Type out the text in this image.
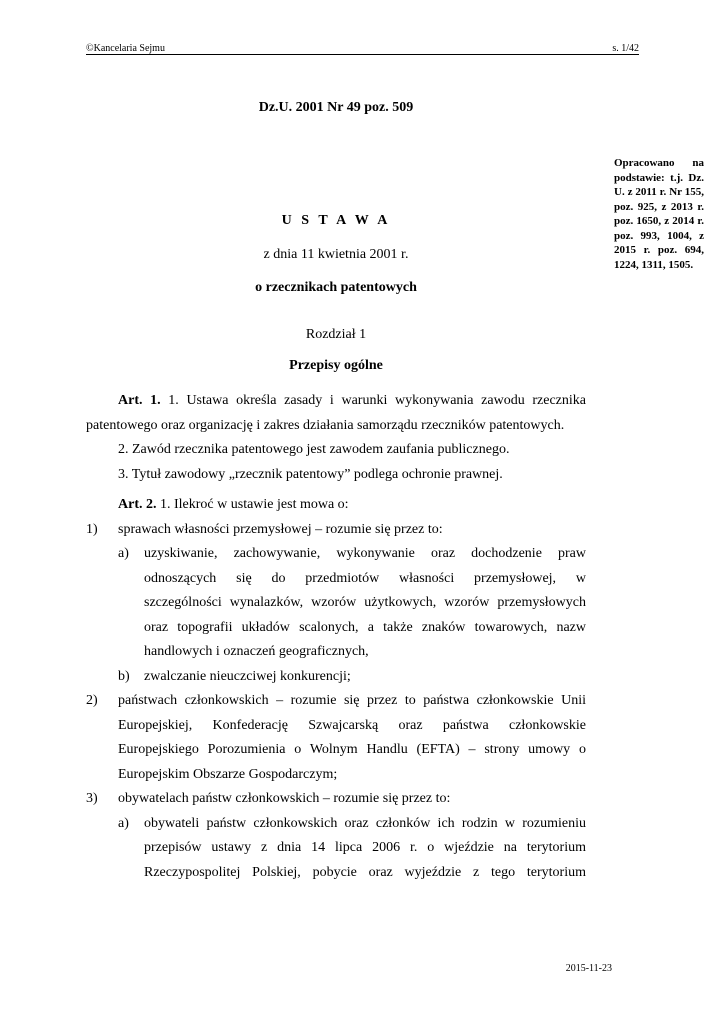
©Kancelaria Sejmu	s. 1/42
Dz.U. 2001 Nr 49 poz. 509
Opracowano na podstawie: t.j. Dz. U. z 2011 r. Nr 155, poz. 925, z 2013 r. poz. 1650, z 2014 r. poz. 993, 1004, z 2015 r. poz. 694, 1224, 1311, 1505.
U S T A W A
z dnia 11 kwietnia 2001 r.
o rzecznikach patentowych
Rozdział 1
Przepisy ogólne
Art. 1. 1. Ustawa określa zasady i warunki wykonywania zawodu rzecznika
patentowego oraz organizację i zakres działania samorządu rzeczników patentowych.
2. Zawód rzecznika patentowego jest zawodem zaufania publicznego.
3. Tytuł zawodowy „rzecznik patentowy” podlega ochronie prawnej.
Art. 2. 1. Ilekroć w ustawie jest mowa o:
1) sprawach własności przemysłowej – rozumie się przez to:
a) uzyskiwanie, zachowywanie, wykonywanie oraz dochodzenie praw
odnoszących się do przedmiotów własności przemysłowej, w
szczególności wynalazków, wzorów użytkowych, wzorów przemysłowych
oraz topografii układów scalonych, a także znaków towarowych, nazw
handlowych i oznaczeń geograficznych,
b) zwalczanie nieuczciwej konkurencji;
2) państwach członkowskich – rozumie się przez to państwa członkowskie Unii
Europejskiej, Konfederację Szwajcarską oraz państwa członkowskie
Europejskiego Porozumienia o Wolnym Handlu (EFTA) – strony umowy o
Europejskim Obszarze Gospodarczym;
3) obywatelach państw członkowskich – rozumie się przez to:
a) obywateli państw członkowskich oraz członków ich rodzin w rozumieniu
przepisów ustawy z dnia 14 lipca 2006 r. o wjeździe na terytorium
Rzeczypospolitej Polskiej, pobycie oraz wyjeździe z tego terytorium
2015-11-23
